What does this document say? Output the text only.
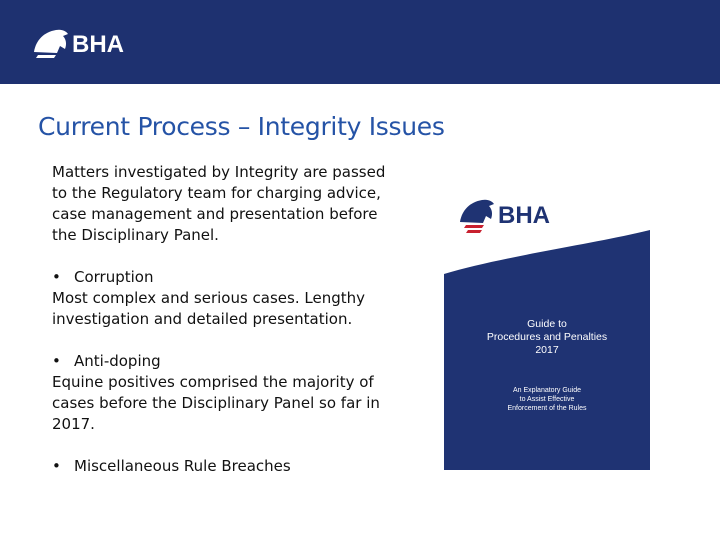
BHA
Current Process – Integrity Issues

Matters investigated by Integrity are passed to the Regulatory team for charging advice, case management and presentation before the Disciplinary Panel.

• Corruption

Most complex and serious cases. Lengthy investigation and detailed presentation.

• Anti-doping

Equine positives comprised the majority of cases before the Disciplinary Panel so far in 2017.

• Miscellaneous Rule Breaches
BHA
Guide to
Procedures and Penalties
2017
An Explanatory Guide
to Assist Effective
Enforcement of the Rules
